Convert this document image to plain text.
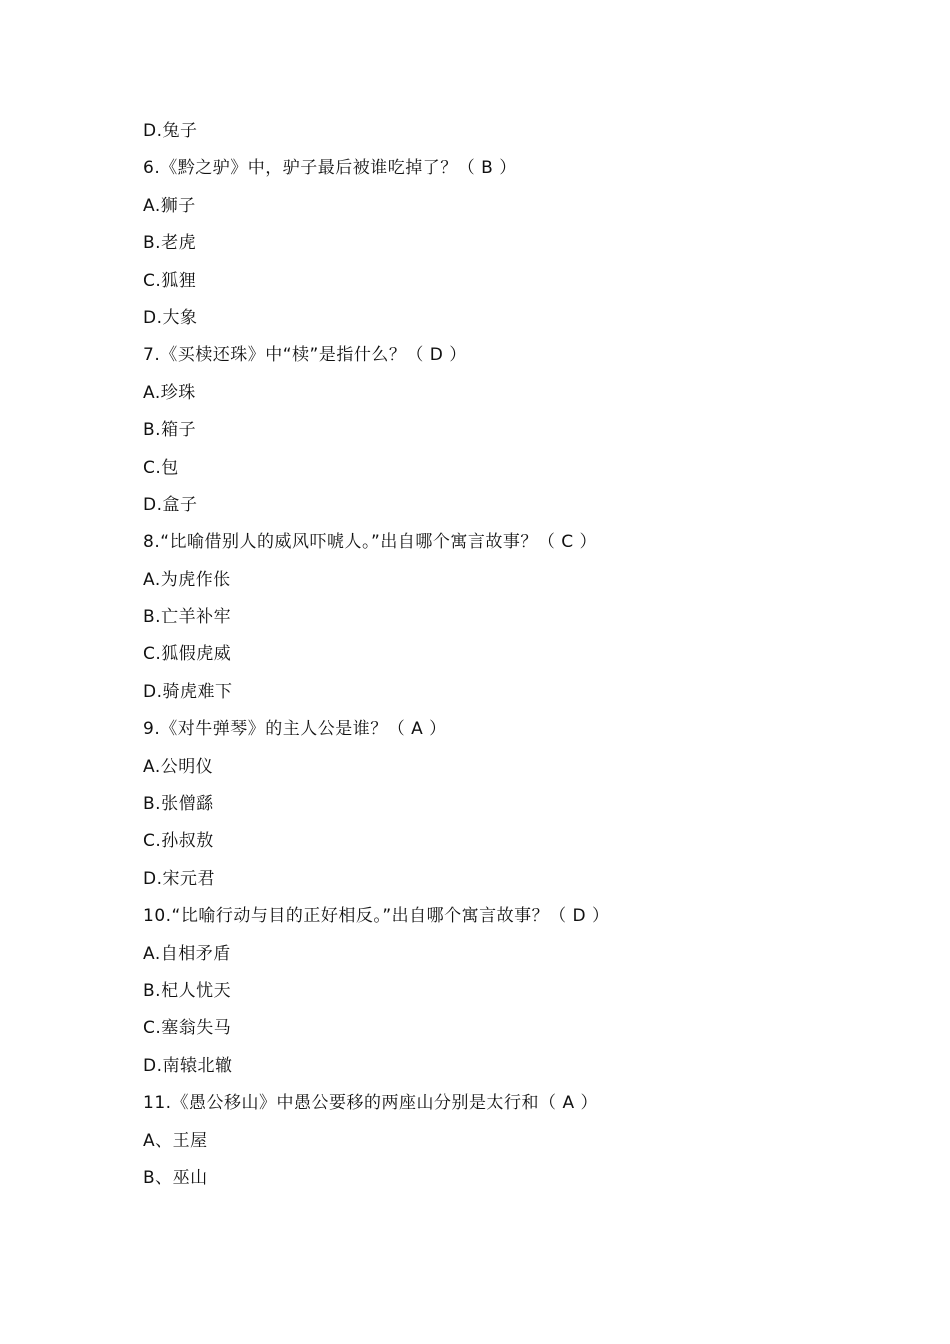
D.兔子
6.《黔之驴》中，驴子最后被谁吃掉了？（ B ）
A.狮子
B.老虎
C.狐狸
D.大象
7.《买椟还珠》中“椟”是指什么？（ D ）
A.珍珠
B.箱子
C.包
D.盒子
8.“比喻借别人的威风吓唬人。”出自哪个寓言故事？（ C ）
A.为虎作伥
B.亡羊补牢
C.狐假虎威
D.骑虎难下
9.《对牛弹琴》的主人公是谁？（ A ）
A.公明仪
B.张僧繇
C.孙叔敖
D.宋元君
10.“比喻行动与目的正好相反。”出自哪个寓言故事？（ D ）
A.自相矛盾
B.杞人忧天
C.塞翁失马
D.南辕北辙
11.《愚公移山》中愚公要移的两座山分别是太行和（ A ）
A、王屋
B、巫山
